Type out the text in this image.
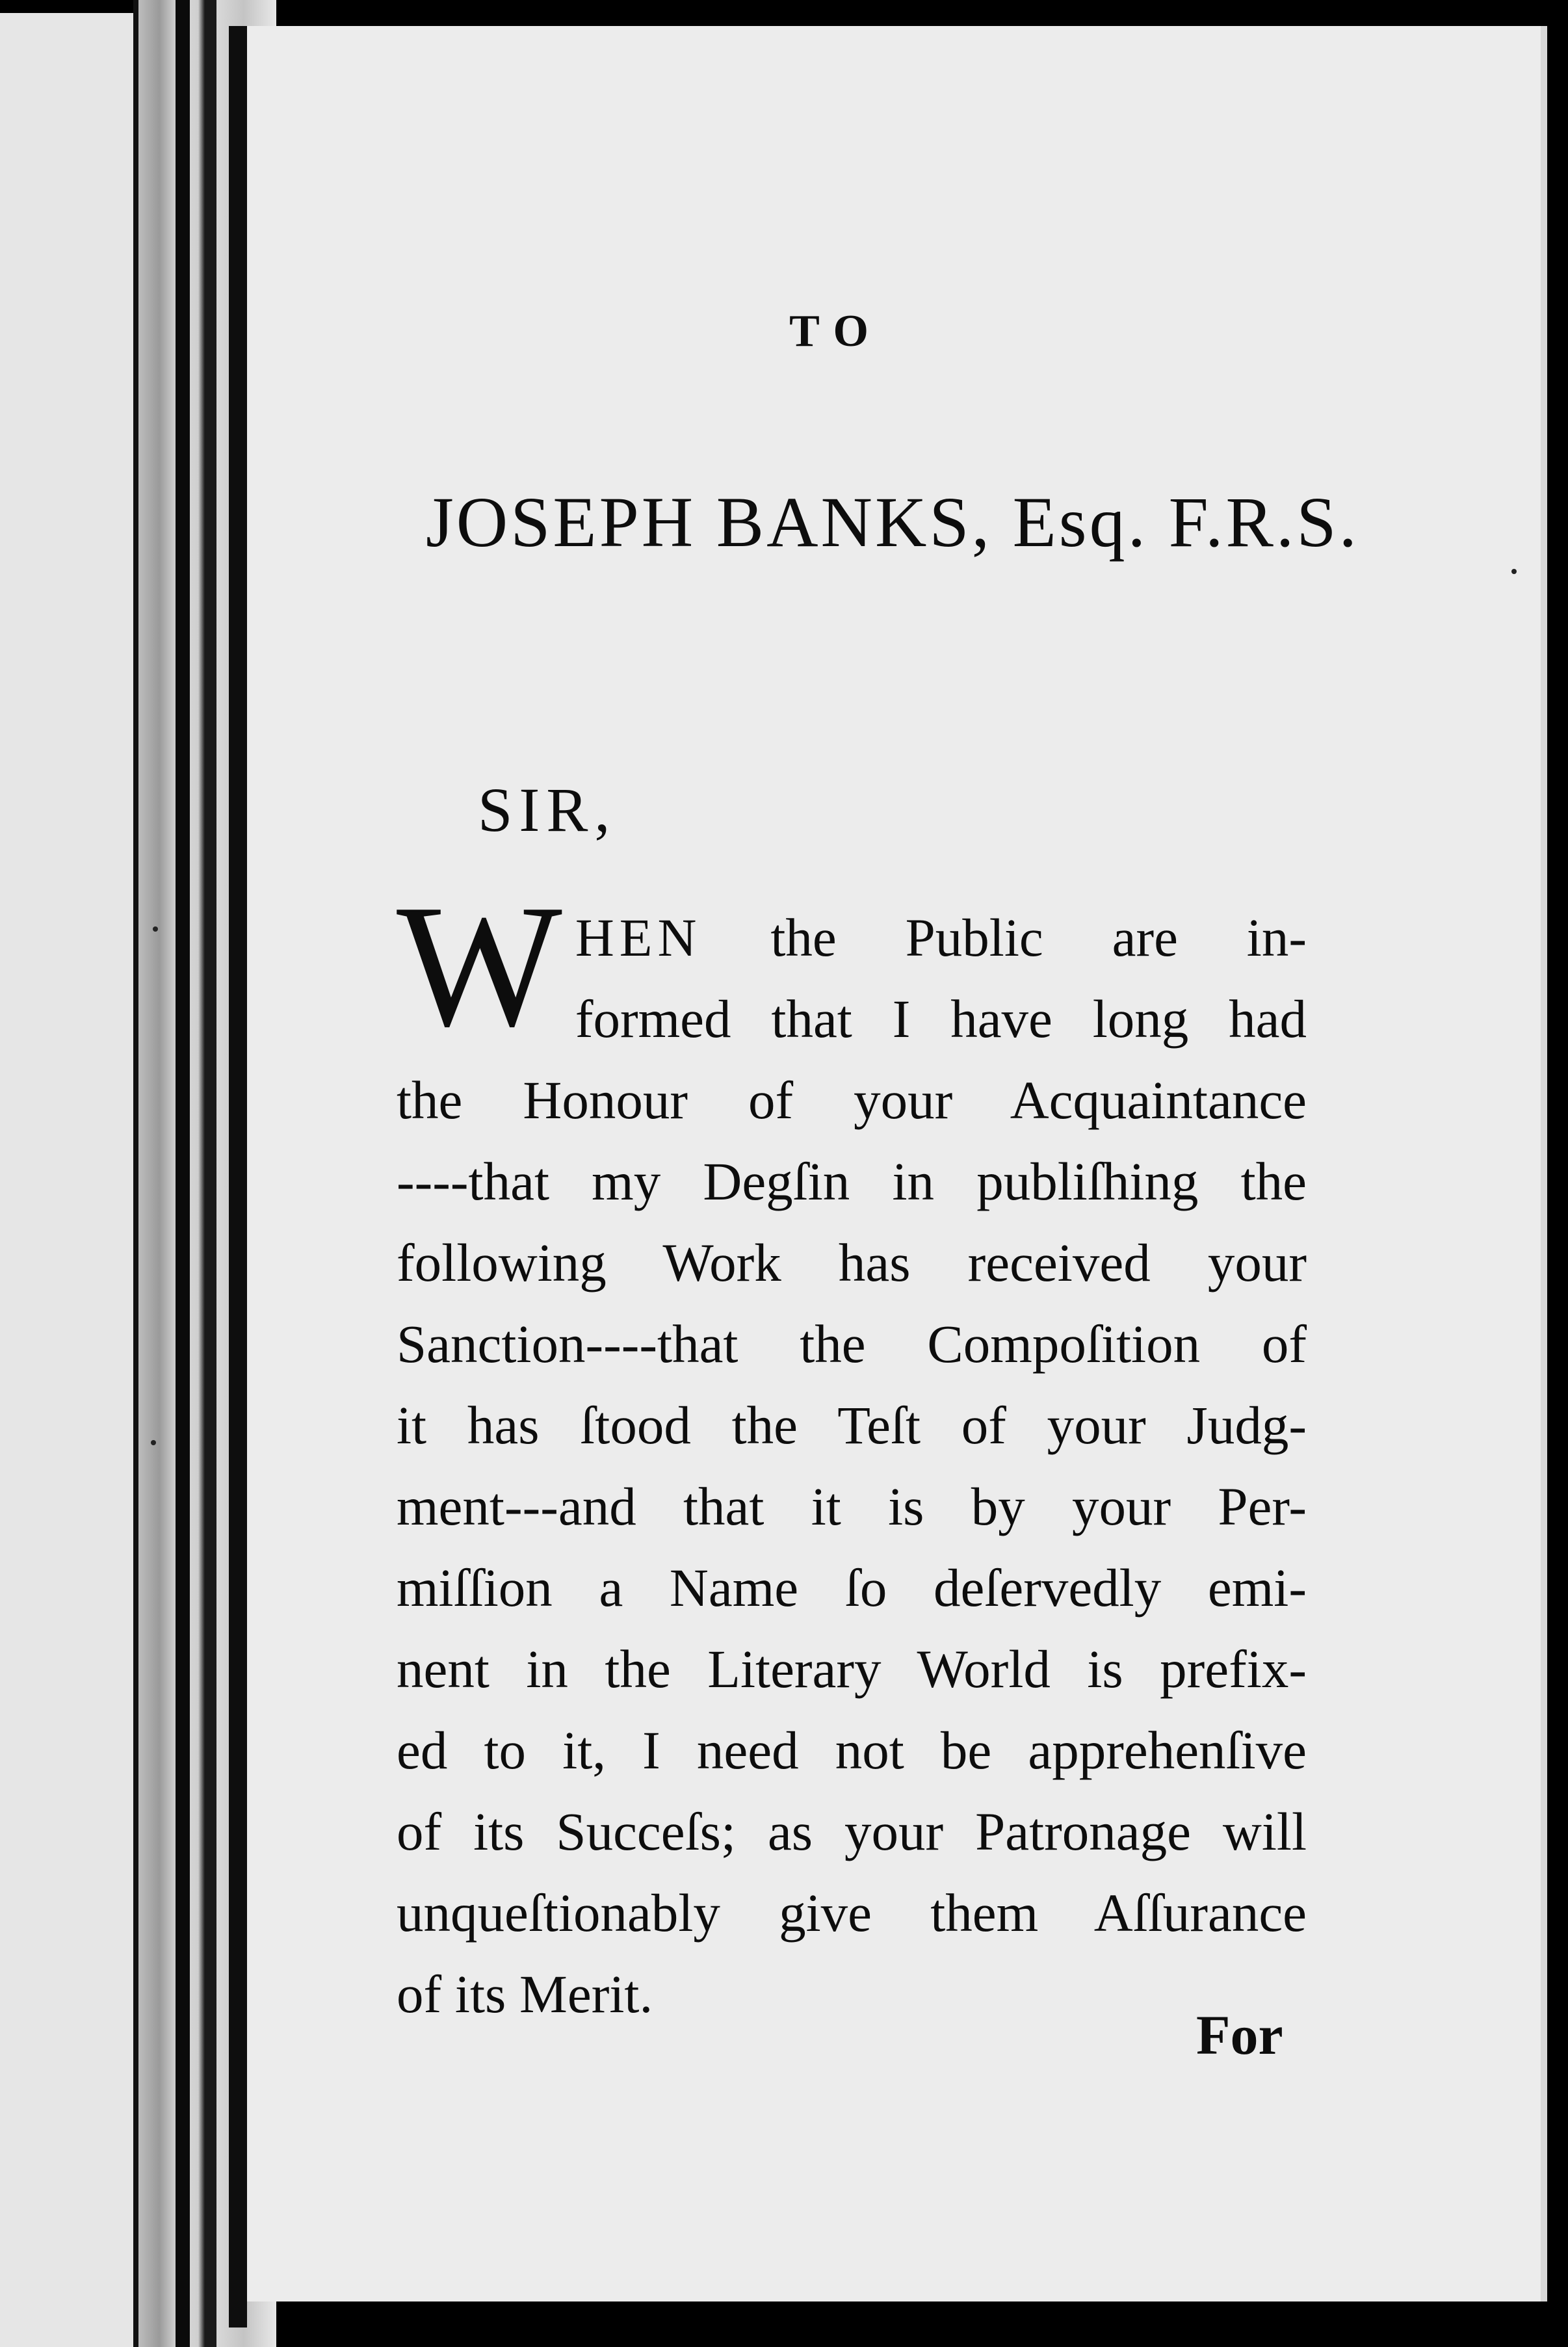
TO
JOSEPH BANKS, Esq. F.R.S.
SIR,
W HEN the Public are in-
formed that I have long had
the Honour of your Acquaintance
----that my Degſin in publiſhing the
following Work has received your
Sanction----that the Compoſition of
it has ſtood the Teſt of your Judg-
ment---and that it is by your Per-
miſſion a Name ſo deſervedly emi-
nent in the Literary World is prefix-
ed to it, I need not be apprehenſive
of its Succeſs; as your Patronage will
unqueſtionably give them Aſſurance
of its Merit.
For
